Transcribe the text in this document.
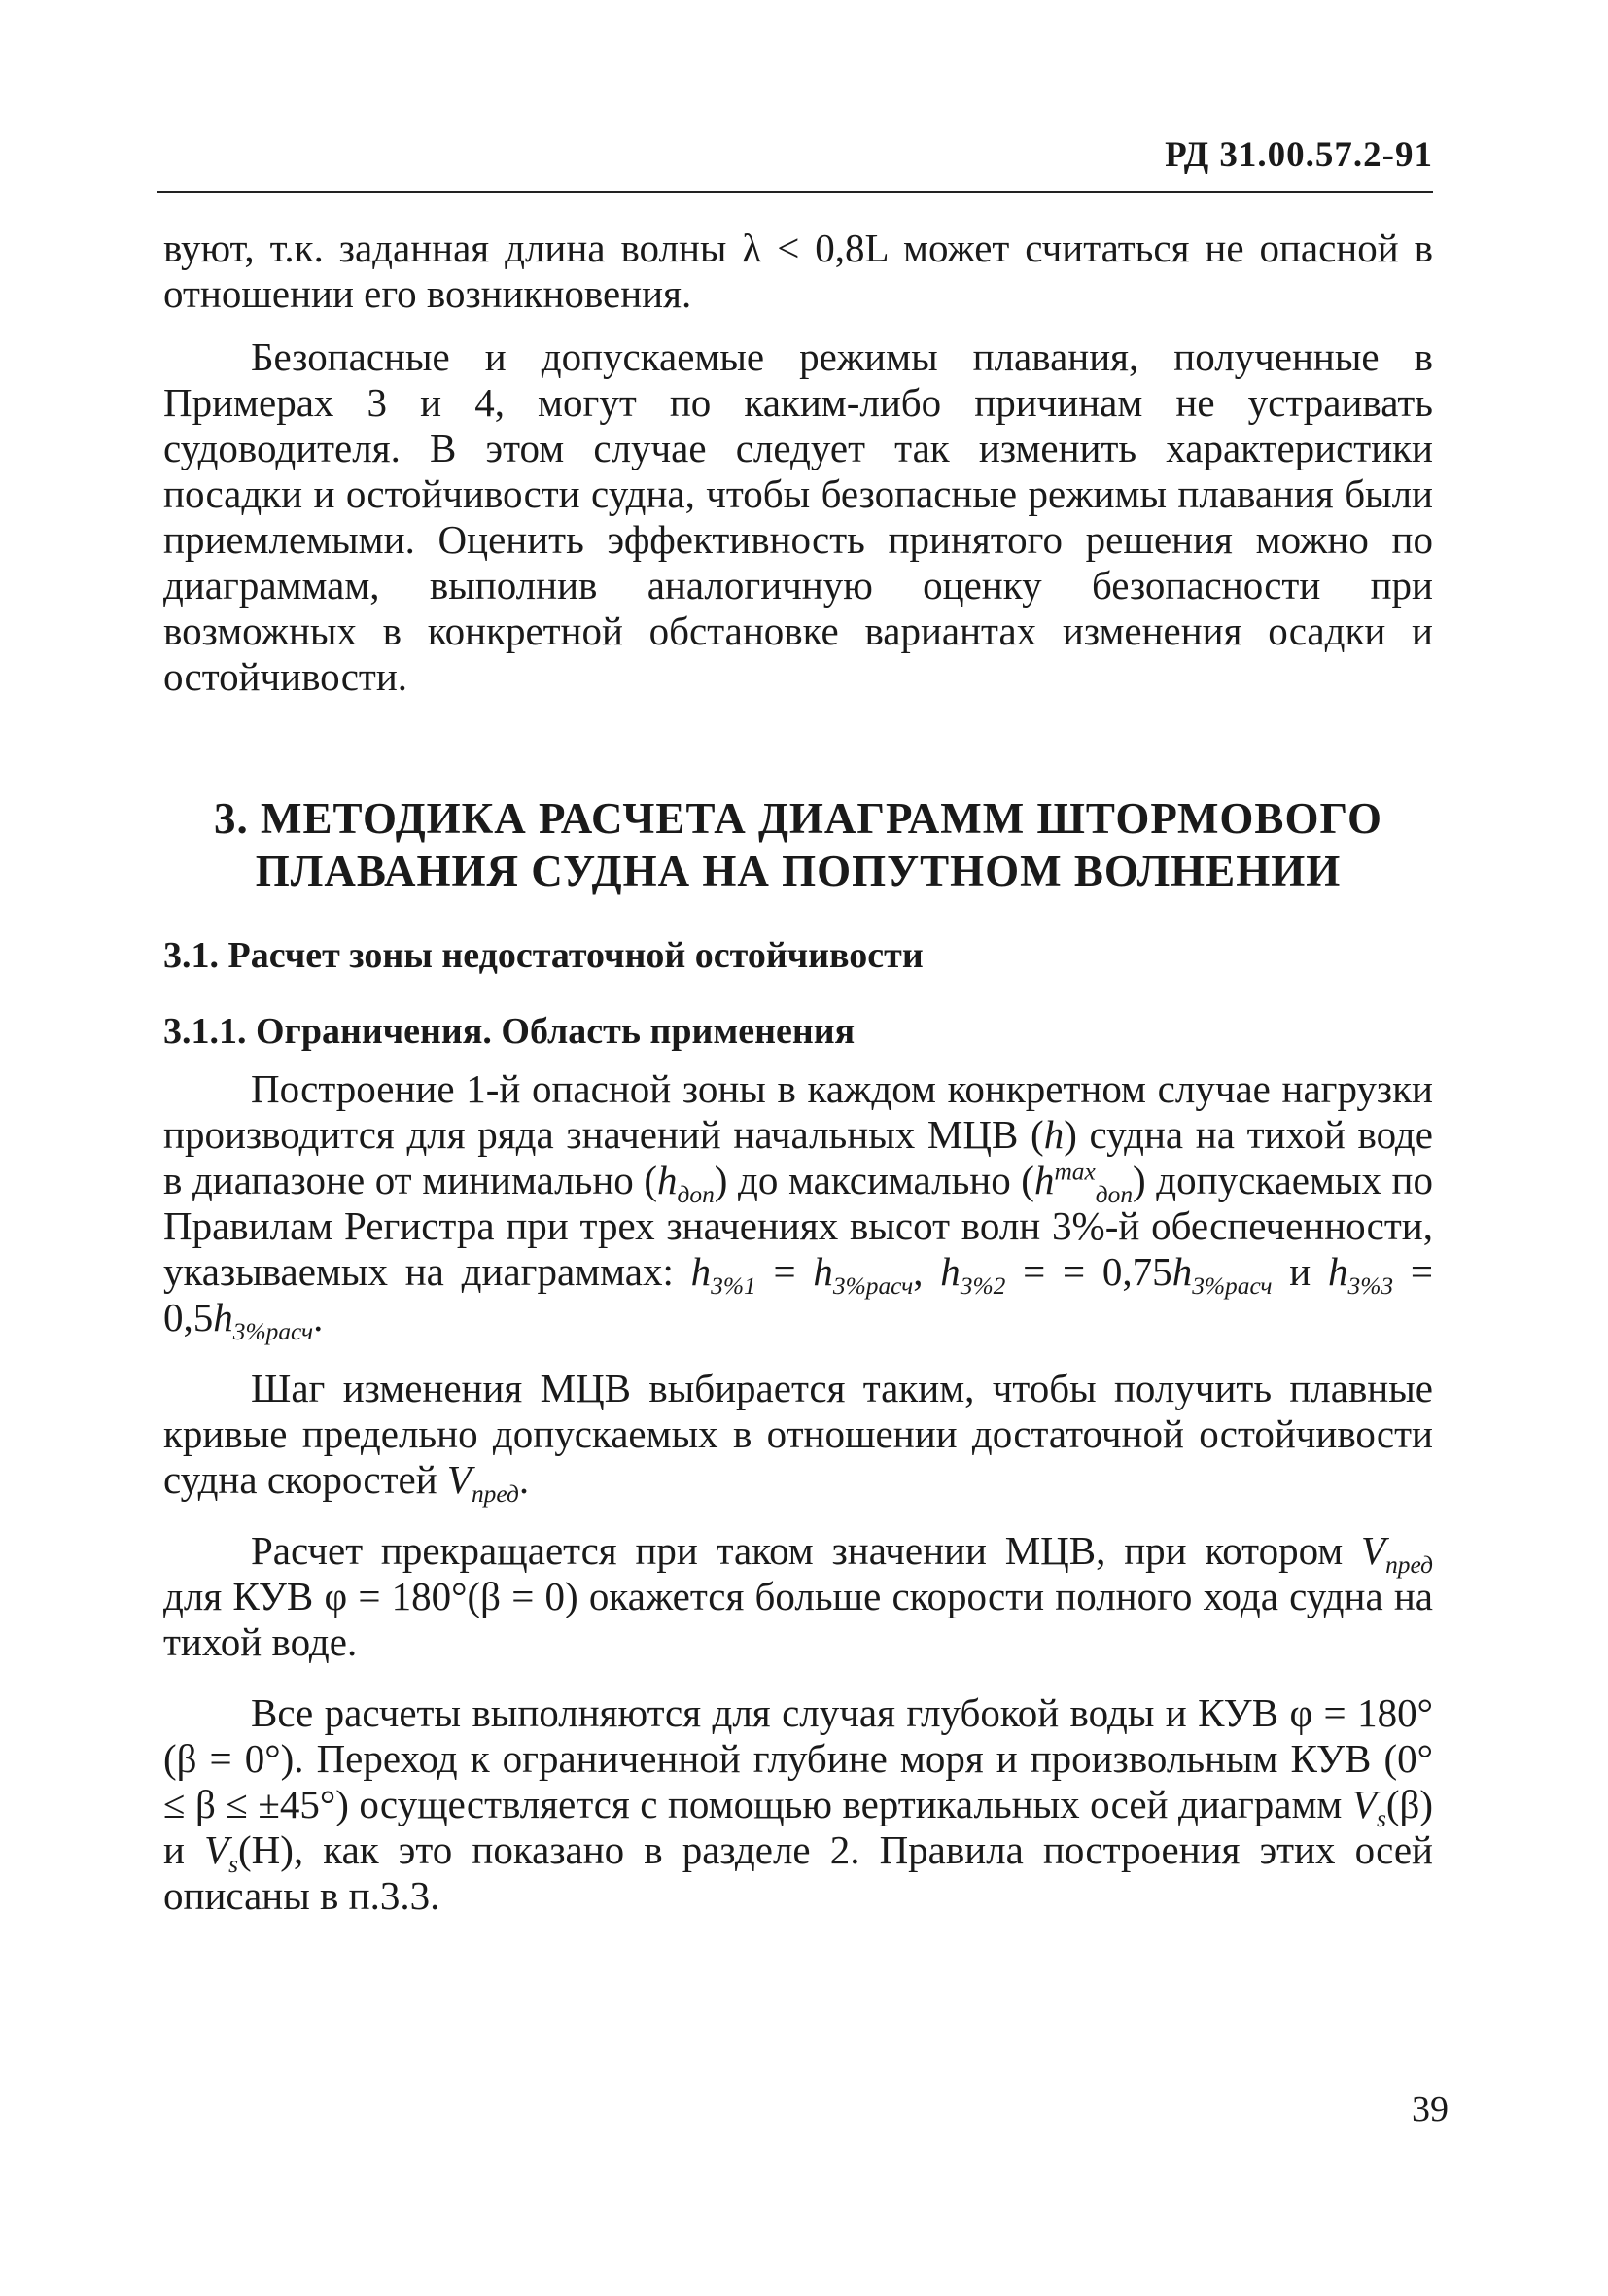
РД 31.00.57.2-91

вуют, т.к. заданная длина волны λ < 0,8L может считаться не опасной в отношении его возникновения.

Безопасные и допускаемые режимы плавания, полученные в Примерах 3 и 4, могут по каким-либо причинам не устраивать судоводителя. В этом случае следует так изменить характеристики посадки и остойчивости судна, чтобы безопасные режимы плавания были приемлемыми. Оценить эффективность принятого решения можно по диаграммам, выполнив аналогичную оценку безопасности при возможных в конкретной обстановке вариантах изменения осадки и остойчивости.

3. МЕТОДИКА РАСЧЕТА ДИАГРАММ ШТОРМОВОГО
ПЛАВАНИЯ СУДНА НА ПОПУТНОМ ВОЛНЕНИИ
3.1. Расчет зоны недостаточной остойчивости
3.1.1. Ограничения. Область применения

Построение 1-й опасной зоны в каждом конкретном случае нагрузки производится для ряда значений начальных МЦВ (h) судна на тихой воде в диапазоне от минимально $(h_{доп})$ до максимально $(h^{max}_{доп})$ допускаемых по Правилам Регистра при трех значениях высот волн 3%-й обеспеченности, указываемых на диаграммах: $h_{3\%1} = h_{3\%расч}$, $h_{3\%2}$ = = $0,75h_{3\%расч}$ и $h_{3\%3} = 0,5h_{3\%расч}$.

Шаг изменения МЦВ выбирается таким, чтобы получить плавные кривые предельно допускаемых в отношении достаточной остойчивости судна скоростей $V_{пред}$.

Расчет прекращается при таком значении МЦВ, при котором $V_{пред}$ для КУВ φ = 180°(β = 0) окажется больше скорости полного хода судна на тихой воде.

Все расчеты выполняются для случая глубокой воды и КУВ φ = 180°(β = 0°). Переход к ограниченной глубине моря и произвольным КУВ (0° ≤ β ≤ ±45°) осуществляется с помощью вертикальных осей диаграмм $V_s(\beta)$ и $V_s(H)$, как это показано в разделе 2. Правила построения этих осей описаны в п.3.3.

39
